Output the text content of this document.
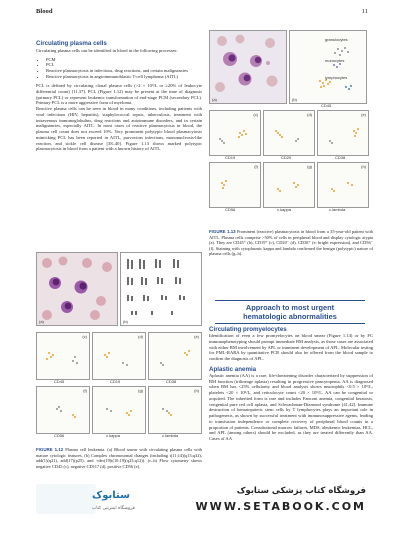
Blood	11
Circulating plasma cells
Circulating plasma cells can be identified in blood in the following processes:
• PCM
• PCL
• Reactive plasmacytosis in infectious, drug reactions, and certain malignancies
• Reactive plasmacytosis in angioimmunoblastic T-cell lymphoma (AITL)
PCL is defined by circulating clonal plasma cells (>2 × 10⁹/L or ≥20% of leukocyte differential count) [11,37]. PCL (Figure 1.12) may be present at the time of diagnosis (primary PCL) or represent leukemic transformation of end-stage PCM (secondary PCL). Primary PCL is a more aggressive form of myeloma.
Reactive plasma cells can be seen in blood in many conditions, including patients with viral infections (HIV, hepatitis), staphylococcal sepsis, tuberculosis, treatment with intravenous immunoglobulins, drug reactions and autoimmune disorders, and in certain malignancies, especially AITL. In most cases of reactive plasmacytosis in blood, the plasma cell count does not exceed 10%. Very prominent polytypic blood plasmacytosis mimicking PCL has been reported in AITL, parvovirus infections, mononucleosis-like reaction, and sickle cell disease [38–40]. Figure 1.13 shows marked polytypic plasmacytosis in blood from a patient with a known history of AITL.
(a)
granulocytes
monocytes
lymphocytes
(b)
CD45
(c)	(d)	(e)
CD19	CD20	CD38
(f)	(g)	(h)
CD56	c.kappa	c.lambda
FIGURE 1.13 Prominent (reactive) plasmacytosis in blood from a 35-year-old patient with AITL. Plasma cells comprise >50% of cells in peripheral blood and display cytologic atypia (a). They are CD45⁺ (b), CD19⁺ (c), CD20⁻ (d), CD38⁺ (e; bright expression), and CD56⁻ (f). Staining with cytoplasmic kappa and lambda confirmed the benign (polytypic) nature of plasma cells (g–h).
(a)	(b)
(c)	(d)	(e)
CD45	CD19	CD38
(f)	(g)	(h)
CD56	c.kappa	c.lambda
FIGURE 1.12 Plasma cell leukemia. (a) Blood smear with circulating plasma cells with mature cytologic features. (b) Complex chromosomal changes (including t(11;14)(q13;q32), add(1)(q21), add(17)(p25), and +der(19)t(10;19)(q23;q12)). (c–h) Flow cytometry shows negative CD45 (c), negative CD117 (d), positive CD56 (e),
Approach to most urgent
hematologic abnormalities
Circulating promyelocytes
Identification of even a few promyelocytes on blood smear (Figure 1.14) or by FC immunophenotyping should prompt immediate BM analysis, as those cases are associated with either BM involvement by APL or imminent development of APL. Molecular testing for PML-RARA by quantitative PCR should also be offered from the blood sample to confirm the diagnosis of APL.
Aplastic anemia
Aplastic anemia (AA) is a rare, life-threatening disorder characterized by suppression of BM function (trilineage aplasia) resulting in progressive pancytopenia. AA is diagnosed when BM has <25% cellularity and blood analysis shows neutrophils <0.5 × 10⁹/L, platelets <20 × 10⁹/L, and reticulocyte count <20 × 10⁹/L. AA can be congenital or acquired. The inherited form is rare and includes Fanconi anemia, congenital keratosis, congenital pure red cell aplasia, and Schwachman-Diamond syndrome [41,42]. Immune destruction of hematopoietic stem cells by T lymphocytes plays an important role in pathogenesis, as shown by successful treatment with immunosuppressive agents, leading to transfusion independence or complete recovery of peripheral blood counts in a proportion of patients. Constitutional marrow failures, MDS, aleukemic leukemias, HCL, and APL (among others) should be excluded, as they are treated differently than AA. Cases of AA
ستابوک
فروشگاه اینترنتی کتاب
فروشگاه کتاب پزشکی ستابوک
WWW.SETABOOK.COM
